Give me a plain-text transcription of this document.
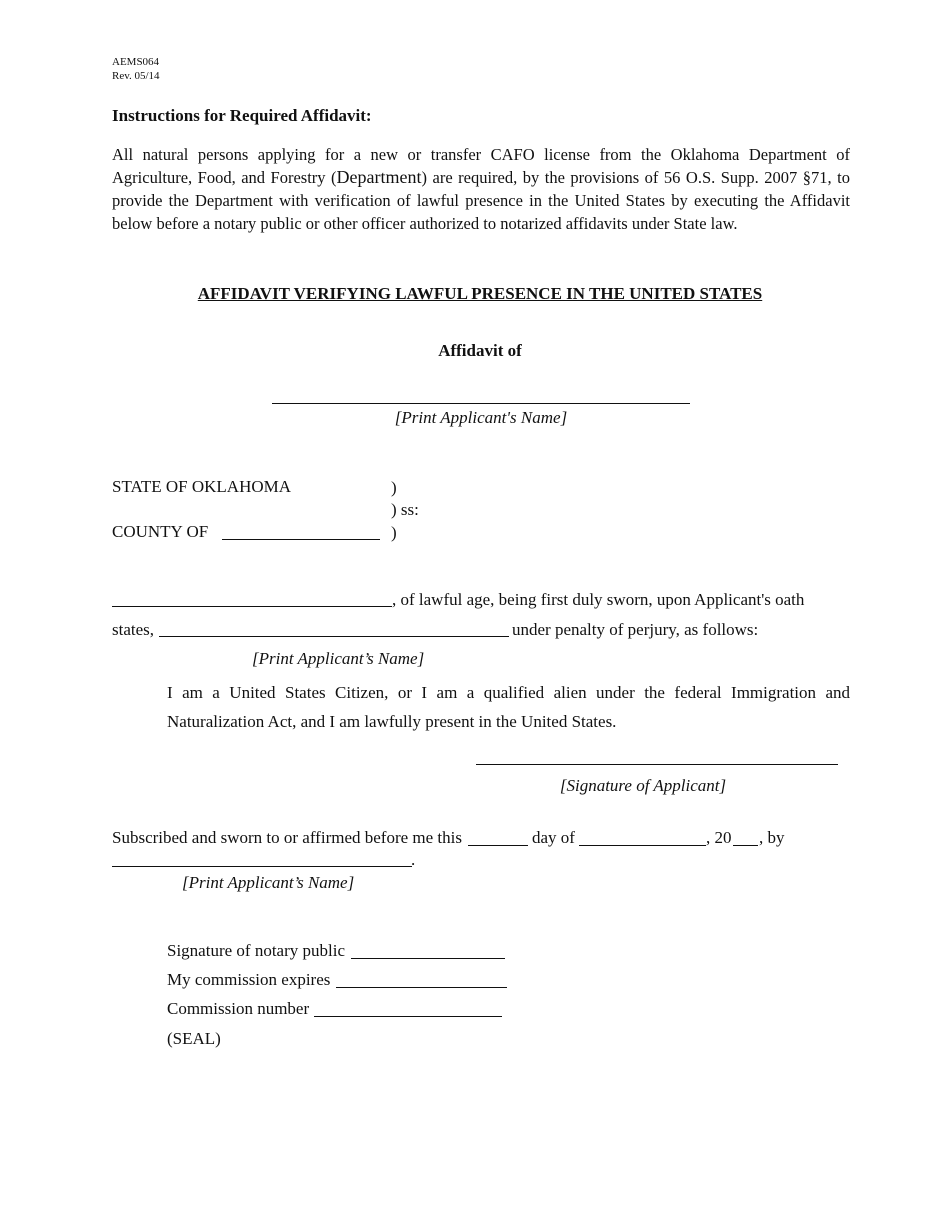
AEMS064
Rev. 05/14
Instructions for Required Affidavit:
All natural persons applying for a new or transfer CAFO license from the Oklahoma Department of Agriculture, Food, and Forestry (Department) are required, by the provisions of 56 O.S. Supp. 2007 §71, to provide the Department with verification of lawful presence in the United States by executing the Affidavit below before a notary public or other officer authorized to notarized affidavits under State law.
AFFIDAVIT VERIFYING LAWFUL PRESENCE IN THE UNITED STATES
Affidavit of
[Print Applicant's Name]
STATE OF OKLAHOMA	)
) ss:
COUNTY OF	)
, of lawful age, being first duly sworn, upon Applicant's oath
states,	under penalty of perjury, as follows:
[Print Applicant’s Name]
I am a United States Citizen, or I am a qualified alien under the federal Immigration and Naturalization Act, and I am lawfully present in the United States.
[Signature of Applicant]
Subscribed and sworn to or affirmed before me this	day of	, 20 , by
.
[Print Applicant’s Name]
Signature of notary public
My commission expires
Commission number
(SEAL)
